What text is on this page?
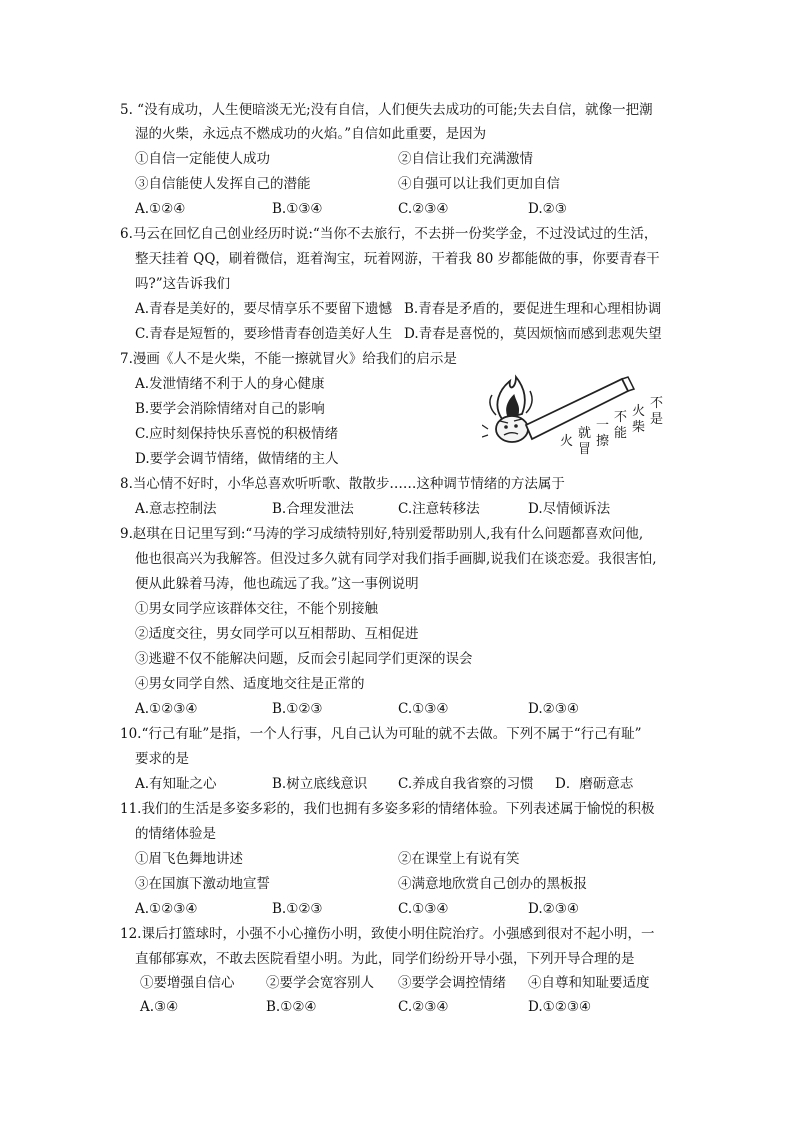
5. “没有成功，人生便暗淡无光;没有自信，人们便失去成功的可能;失去自信，就像一把潮
湿的火柴，永远点不燃成功的火焰。”自信如此重要，是因为
①自信一定能使人成功	②自信让我们充满激情
③自信能使人发挥自己的潜能	④自强可以让我们更加自信
A.①②④	B.①③④	C.②③④	D.②③
6.马云在回忆自己创业经历时说:“当你不去旅行，不去拼一份奖学金，不过没试过的生活，
整天挂着 QQ，刷着微信，逛着淘宝，玩着网游，干着我 80 岁都能做的事，你要青春干
吗?”这告诉我们
A.青春是美好的，要尽情享乐不要留下遗憾 B.青春是矛盾的，要促进生理和心理相协调
C.青春是短暂的，要珍惜青春创造美好人生 D.青春是喜悦的，莫因烦恼而感到悲观失望
7.漫画《人不是火柴，不能一擦就冒火》给我们的启示是
A.发泄情绪不利于人的身心健康
B.要学会消除情绪对自己的影响
C.应时刻保持快乐喜悦的积极情绪
D.要学会调节情绪，做情绪的主人
不
是
火
柴
不
能
一
擦
就
冒
火
8.当心情不好时，小华总喜欢听听歌、散散步……这种调节情绪的方法属于
A.意志控制法	B.合理发泄法	C.注意转移法	D.尽情倾诉法
9.赵琪在日记里写到:“马涛的学习成绩特别好,特别爱帮助别人,我有什么问题都喜欢问他,
他也很高兴为我解答。但没过多久就有同学对我们指手画脚,说我们在谈恋爱。我很害怕,
便从此躲着马涛，他也疏远了我。”这一事例说明
①男女同学应该群体交往，不能个别接触
②适度交往，男女同学可以互相帮助、互相促进
③逃避不仅不能解决问题，反而会引起同学们更深的误会
④男女同学自然、适度地交往是正常的
A.①②③④	B.①②③	C.①③④	D.②③④
10.“行己有耻”是指，一个人行事，凡自己认为可耻的就不去做。下列不属于“行己有耻”
要求的是
A.有知耻之心	B.树立底线意识 C.养成自我省察的习惯 D．磨砺意志
11.我们的生活是多姿多彩的，我们也拥有多姿多彩的情绪体验。下列表述属于愉悦的积极
的情绪体验是
①眉飞色舞地讲述	②在课堂上有说有笑
③在国旗下激动地宣誓	④满意地欣赏自己创办的黑板报
A.①②③④	B.①②③	C.①③④	D.②③④
12.课后打篮球时，小强不小心撞伤小明，致使小明住院治疗。小强感到很对不起小明，一
直郁郁寡欢，不敢去医院看望小明。为此，同学们纷纷开导小强，下列开导合理的是
①要增强自信心 ②要学会宽容别人 ③要学会调控情绪 ④自尊和知耻要适度
A.③④	B.①②④	C.②③④	D.①②③④
